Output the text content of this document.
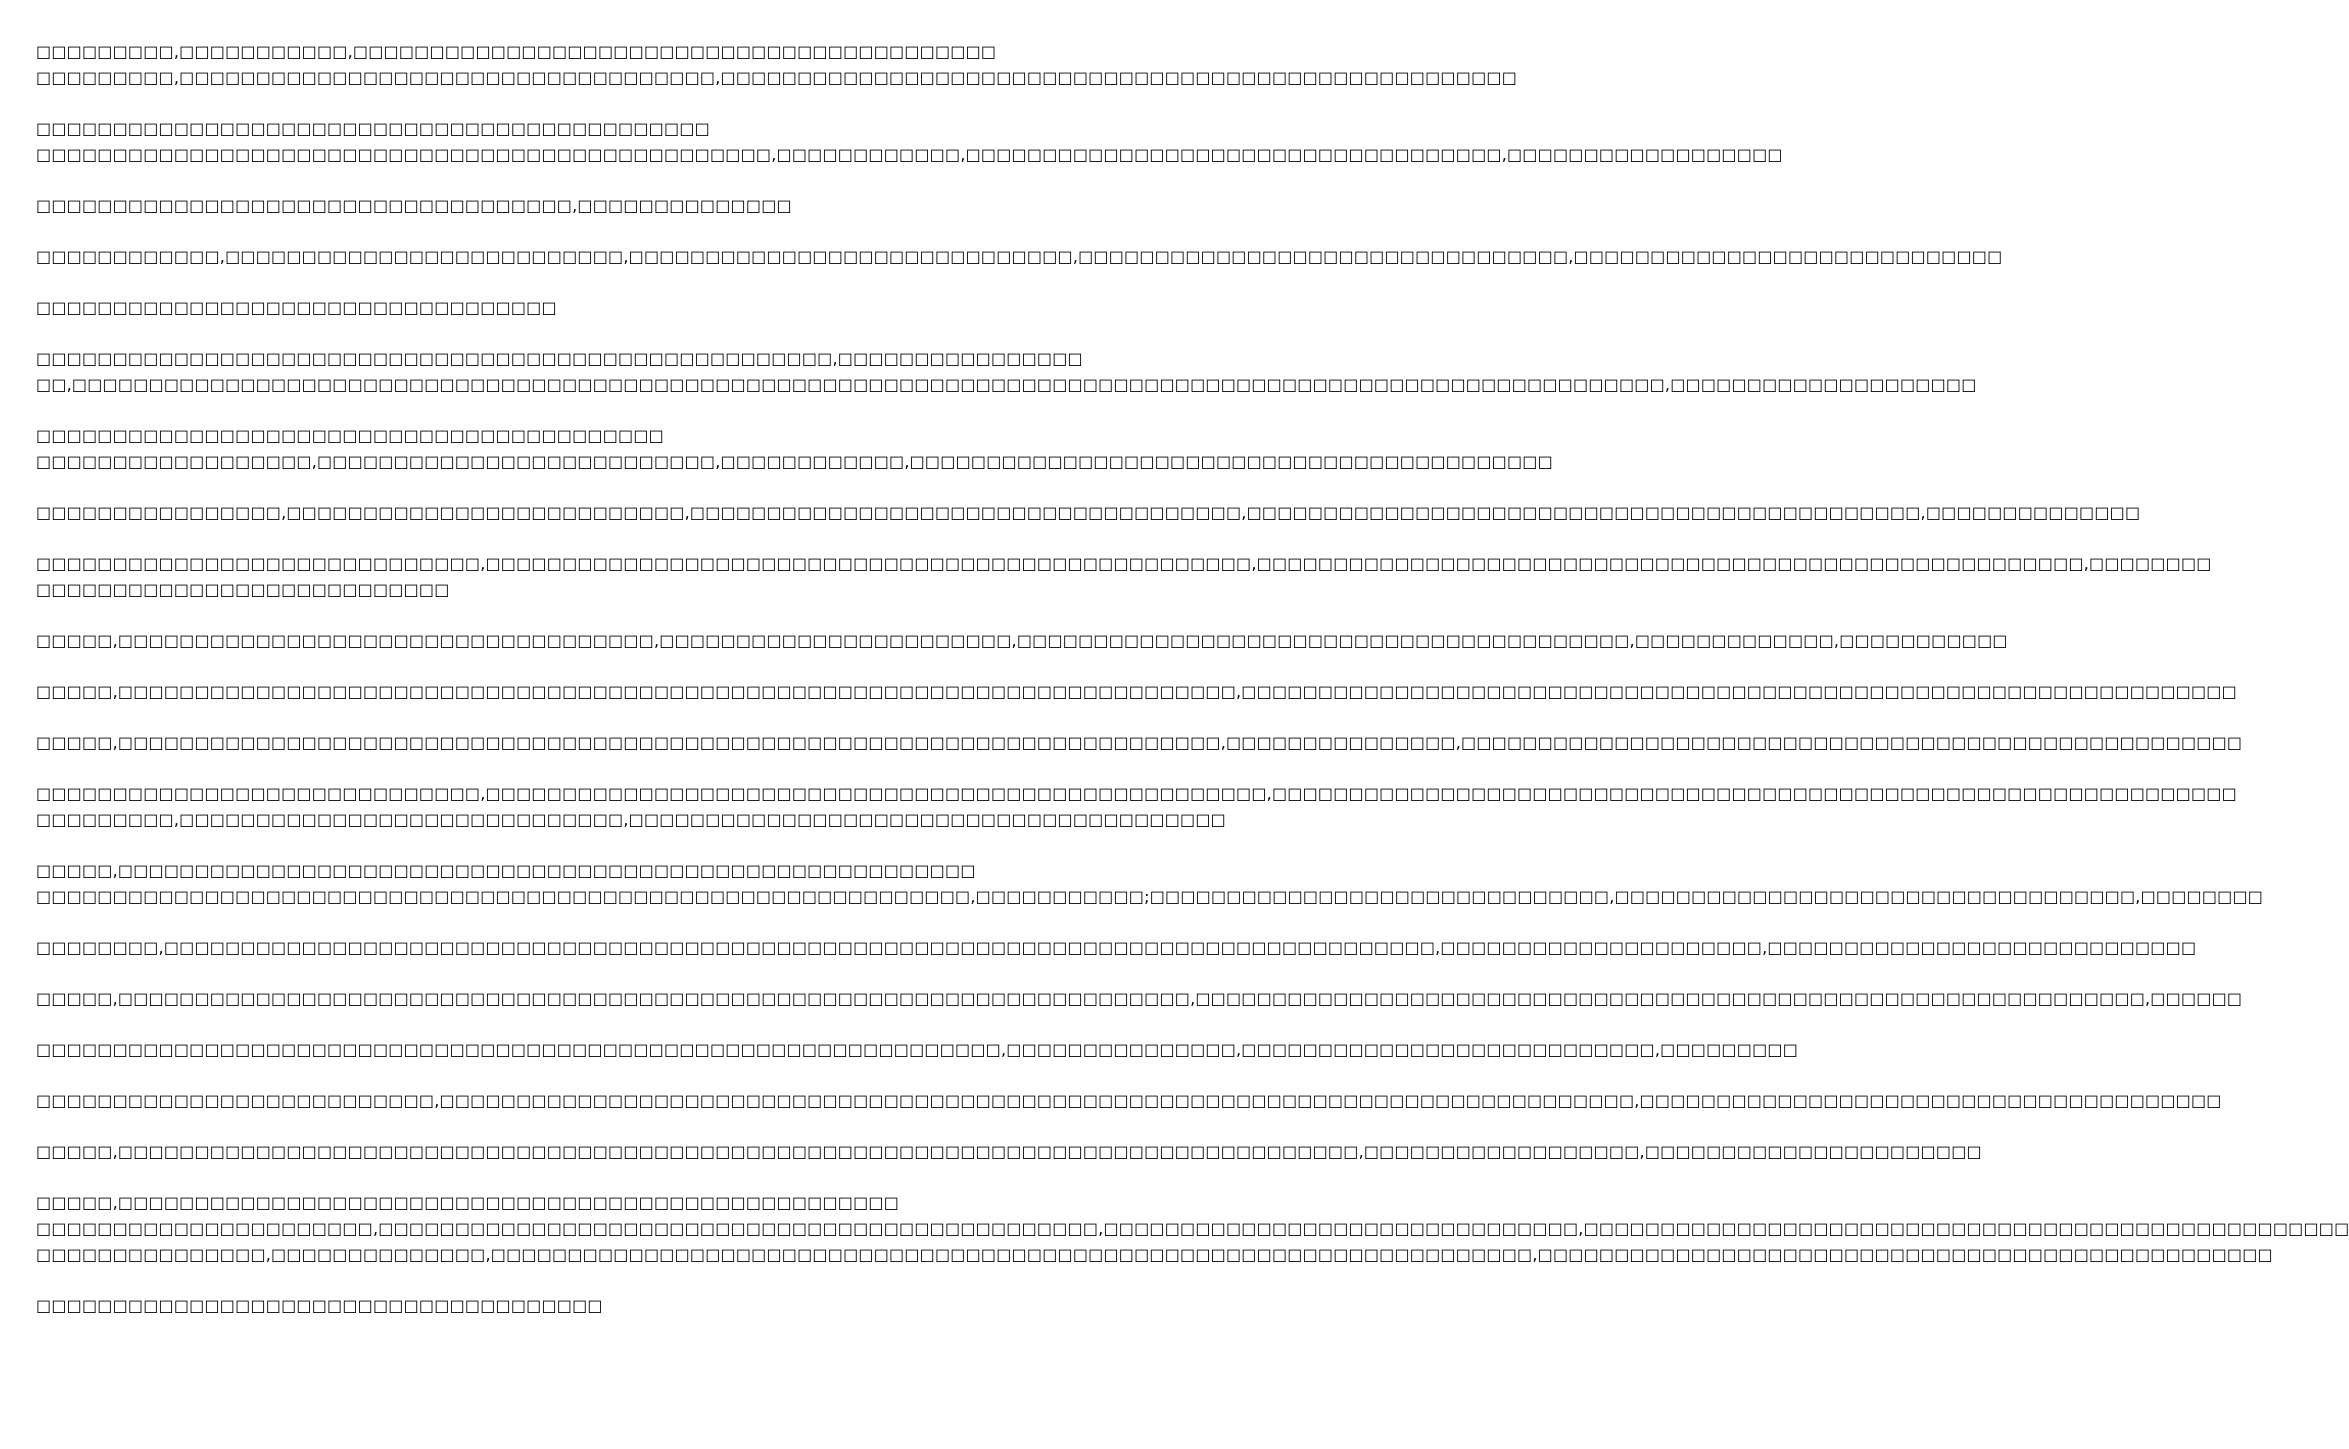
□□□□□□□□□,□□□□□□□□□□□,□□□□□□□□□□□□□□□□□□□□□□□□□□□□□□□□□□□□□□□□□□
□□□□□□□□□,□□□□□□□□□□□□□□□□□□□□□□□□□□□□□□□□□□□,□□□□□□□□□□□□□□□□□□□□□□□□□□□□□□□□□□□□□□□□□□□□□□□□□□□□
□□□□□□□□□□□□□□□□□□□□□□□□□□□□□□□□□□□□□□□□□□□□
□□□□□□□□□□□□□□□□□□□□□□□□□□□□□□□□□□□□□□□□□□□□□□□□,□□□□□□□□□□□□,□□□□□□□□□□□□□□□□□□□□□□□□□□□□□□□□□□□,□□□□□□□□□□□□□□□□□□
□□□□□□□□□□□□□□□□□□□□□□□□□□□□□□□□□□□,□□□□□□□□□□□□□□
□□□□□□□□□□□□,□□□□□□□□□□□□□□□□□□□□□□□□□□,□□□□□□□□□□□□□□□□□□□□□□□□□□□□□,□□□□□□□□□□□□□□□□□□□□□□□□□□□□□□□□,□□□□□□□□□□□□□□□□□□□□□□□□□□□□
□□□□□□□□□□□□□□□□□□□□□□□□□□□□□□□□□□
□□□□□□□□□□□□□□□□□□□□□□□□□□□□□□□□□□□□□□□□□□□□□□□□□□□□,□□□□□□□□□□□□□□□□
□□,□□□□□□□□□□□□□□□□□□□□□□□□□□□□□□□□□□□□□□□□□□□□□□□□□□□□□□□□□□□□□□□□□□□□□□□□□□□□□□□□□□□□□□□□□□□□□□□□□□□□□□□□,□□□□□□□□□□□□□□□□□□□□
□□□□□□□□□□□□□□□□□□□□□□□□□□□□□□□□□□□□□□□□□
□□□□□□□□□□□□□□□□□□,□□□□□□□□□□□□□□□□□□□□□□□□□□,□□□□□□□□□□□□,□□□□□□□□□□□□□□□□□□□□□□□□□□□□□□□□□□□□□□□□□□
□□□□□□□□□□□□□□□□,□□□□□□□□□□□□□□□□□□□□□□□□□□,□□□□□□□□□□□□□□□□□□□□□□□□□□□□□□□□□□□□,□□□□□□□□□□□□□□□□□□□□□□□□□□□□□□□□□□□□□□□□□□□□,□□□□□□□□□□□□□□
□□□□□□□□□□□□□□□□□□□□□□□□□□□□□,□□□□□□□□□□□□□□□□□□□□□□□□□□□□□□□□□□□□□□□□□□□□□□□□□□,□□□□□□□□□□□□□□□□□□□□□□□□□□□□□□□□□□□□□□□□□□□□□□□□□□□□□□,□□□□□□□□
□□□□□□□□□□□□□□□□□□□□□□□□□□□
□□□□□,□□□□□□□□□□□□□□□□□□□□□□□□□□□□□□□□□□□,□□□□□□□□□□□□□□□□□□□□□□□,□□□□□□□□□□□□□□□□□□□□□□□□□□□□□□□□□□□□□□□□,□□□□□□□□□□□□□,□□□□□□□□□□□
□□□□□,□□□□□□□□□□□□□□□□□□□□□□□□□□□□□□□□□□□□□□□□□□□□□□□□□□□□□□□□□□□□□□□□□□□□□□□□□,□□□□□□□□□□□□□□□□□□□□□□□□□□□□□□□□□□□□□□□□□□□□□□□□□□□□□□□□□□□□□□□□□
□□□□□,□□□□□□□□□□□□□□□□□□□□□□□□□□□□□□□□□□□□□□□□□□□□□□□□□□□□□□□□□□□□□□□□□□□□□□□□,□□□□□□□□□□□□□□□,□□□□□□□□□□□□□□□□□□□□□□□□□□□□□□□□□□□□□□□□□□□□□□□□□□□
□□□□□□□□□□□□□□□□□□□□□□□□□□□□□,□□□□□□□□□□□□□□□□□□□□□□□□□□□□□□□□□□□□□□□□□□□□□□□□□□□,□□□□□□□□□□□□□□□□□□□□□□□□□□□□□□□□□□□□□□□□□□□□□□□□□□□□□□□□□□□□□□□
□□□□□□□□□,□□□□□□□□□□□□□□□□□□□□□□□□□□□□□,□□□□□□□□□□□□□□□□□□□□□□□□□□□□□□□□□□□□□□□
□□□□□,□□□□□□□□□□□□□□□□□□□□□□□□□□□□□□□□□□□□□□□□□□□□□□□□□□□□□□□□
□□□□□□□□□□□□□□□□□□□□□□□□□□□□□□□□□□□□□□□□□□□□□□□□□□□□□□□□□□□□□,□□□□□□□□□□□;□□□□□□□□□□□□□□□□□□□□□□□□□□□□□□,□□□□□□□□□□□□□□□□□□□□□□□□□□□□□□□□□□,□□□□□□□□
□□□□□□□□,□□□□□□□□□□□□□□□□□□□□□□□□□□□□□□□□□□□□□□□□□□□□□□□□□□□□□□□□□□□□□□□□□□□□□□□□□□□□□□□□□□□,□□□□□□□□□□□□□□□□□□□□□,□□□□□□□□□□□□□□□□□□□□□□□□□□□□
□□□□□,□□□□□□□□□□□□□□□□□□□□□□□□□□□□□□□□□□□□□□□□□□□□□□□□□□□□□□□□□□□□□□□□□□□□□□,□□□□□□□□□□□□□□□□□□□□□□□□□□□□□□□□□□□□□□□□□□□□□□□□□□□□□□□□□□□□□□,□□□□□□
□□□□□□□□□□□□□□□□□□□□□□□□□□□□□□□□□□□□□□□□□□□□□□□□□□□□□□□□□□□□□□□,□□□□□□□□□□□□□□□,□□□□□□□□□□□□□□□□□□□□□□□□□□□,□□□□□□□□□
□□□□□□□□□□□□□□□□□□□□□□□□□□,□□□□□□□□□□□□□□□□□□□□□□□□□□□□□□□□□□□□□□□□□□□□□□□□□□□□□□□□□□□□□□□□□□□□□□□□□□□□□□,□□□□□□□□□□□□□□□□□□□□□□□□□□□□□□□□□□□□□□
□□□□□,□□□□□□□□□□□□□□□□□□□□□□□□□□□□□□□□□□□□□□□□□□□□□□□□□□□□□□□□□□□□□□□□□□□□□□□□□□□□□□□□□,□□□□□□□□□□□□□□□□□□,□□□□□□□□□□□□□□□□□□□□□□
□□□□□,□□□□□□□□□□□□□□□□□□□□□□□□□□□□□□□□□□□□□□□□□□□□□□□□□□□
□□□□□□□□□□□□□□□□□□□□□□,□□□□□□□□□□□□□□□□□□□□□□□□□□□□□□□□□□□□□□□□□□□□□□□,□□□□□□□□□□□□□□□□□□□□□□□□□□□□□□□,□□□□□□□□□□□□□□□□□□□□□□□□□□□□□□□□□□□□□□□□□□□□□□□□□□
□□□□□□□□□□□□□□□,□□□□□□□□□□□□□□,□□□□□□□□□□□□□□□□□□□□□□□□□□□□□□□□□□□□□□□□□□□□□□□□□□□□□□□□□□□□□□□□□□□□,□□□□□□□□□□□□□□□□□□□□□□□□□□□□□□□□□□□□□□□□□□□□□□□□
□□□□□□□□□□□□□□□□□□□□□□□□□□□□□□□□□□□□□
